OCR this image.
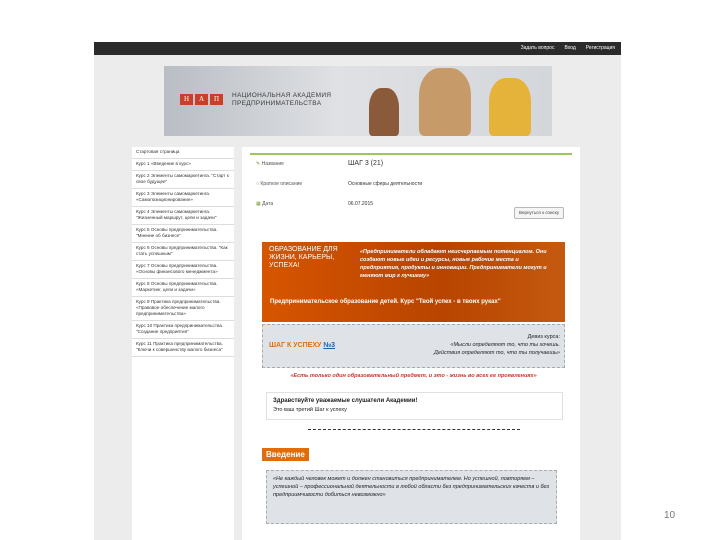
Задать вопрос Вход Регистрация
Н	А	П	НАЦИОНАЛЬНАЯ АКАДЕМИЯ
ПРЕДПРИНИМАТЕЛЬСТВА
Стартовая страница
Курс 1 «Введение в курс»
Курс 2 Элементы самомаркетинга. "Старт к свое будущее"
Курс 3 Элементы самомаркетинга. «Самопозиционирование»
Курс 4 Элементы самомаркетинга. "Жизненный маршрут, цели и задачи"
Курс 5 Основы предпринимательства. "Мнение об бизнесе"
Курс 6 Основы предпринимательства. "Как стать успешным"
Курс 7 Основы предпринимательства. «Основы финансового менеджмента»
Курс 8 Основы предпринимательства. «Маркетинг, цели и задачи»
Курс 9 Практика предпринимательства. «Правовое обеспечение малого предпринимательства»
Курс 10 Практика предпринимательства. "Создание предприятия"
Курс 11 Практика предпринимательства. "Ключи к совершенству малого бизнеса"
✎ Название	ШАГ 3 (21)
○ Краткое описание	Основные сферы деятельности
▦ Дата	06.07.2015
Вернуться к списку
ОБРАЗОВАНИЕ ДЛЯ ЖИЗНИ, КАРЬЕРЫ, УСПЕХА!
«Предприниматели обладают неисчерпаемым потенциалом. Они создают новые идеи и ресурсы, новые рабочие места и предприятия, продукты и инновации. Предприниматели могут и меняют мир к лучшему»
Предпринимательское образование детей. Курс "Твой успех - в твоих руках"
ШАГ К УСПЕХУ №3
Девиз курса:
«Мысли определяют то, что ты хочешь.
Действия определяют то, что ты получаешь»
«Есть только один образовательный предмет, и это - жизнь во всех ее проявлениях»
Здравствуйте уважаемые слушатели Академии!
Это ваш третий Шаг к успеху
Введение
«Не каждый человек может и должен становиться предпринимателем. Но успешной, повторяем – успешной – профессиональной деятельности в любой области без предпринимательских качеств и без предприимчивости добиться невозможно»
10
